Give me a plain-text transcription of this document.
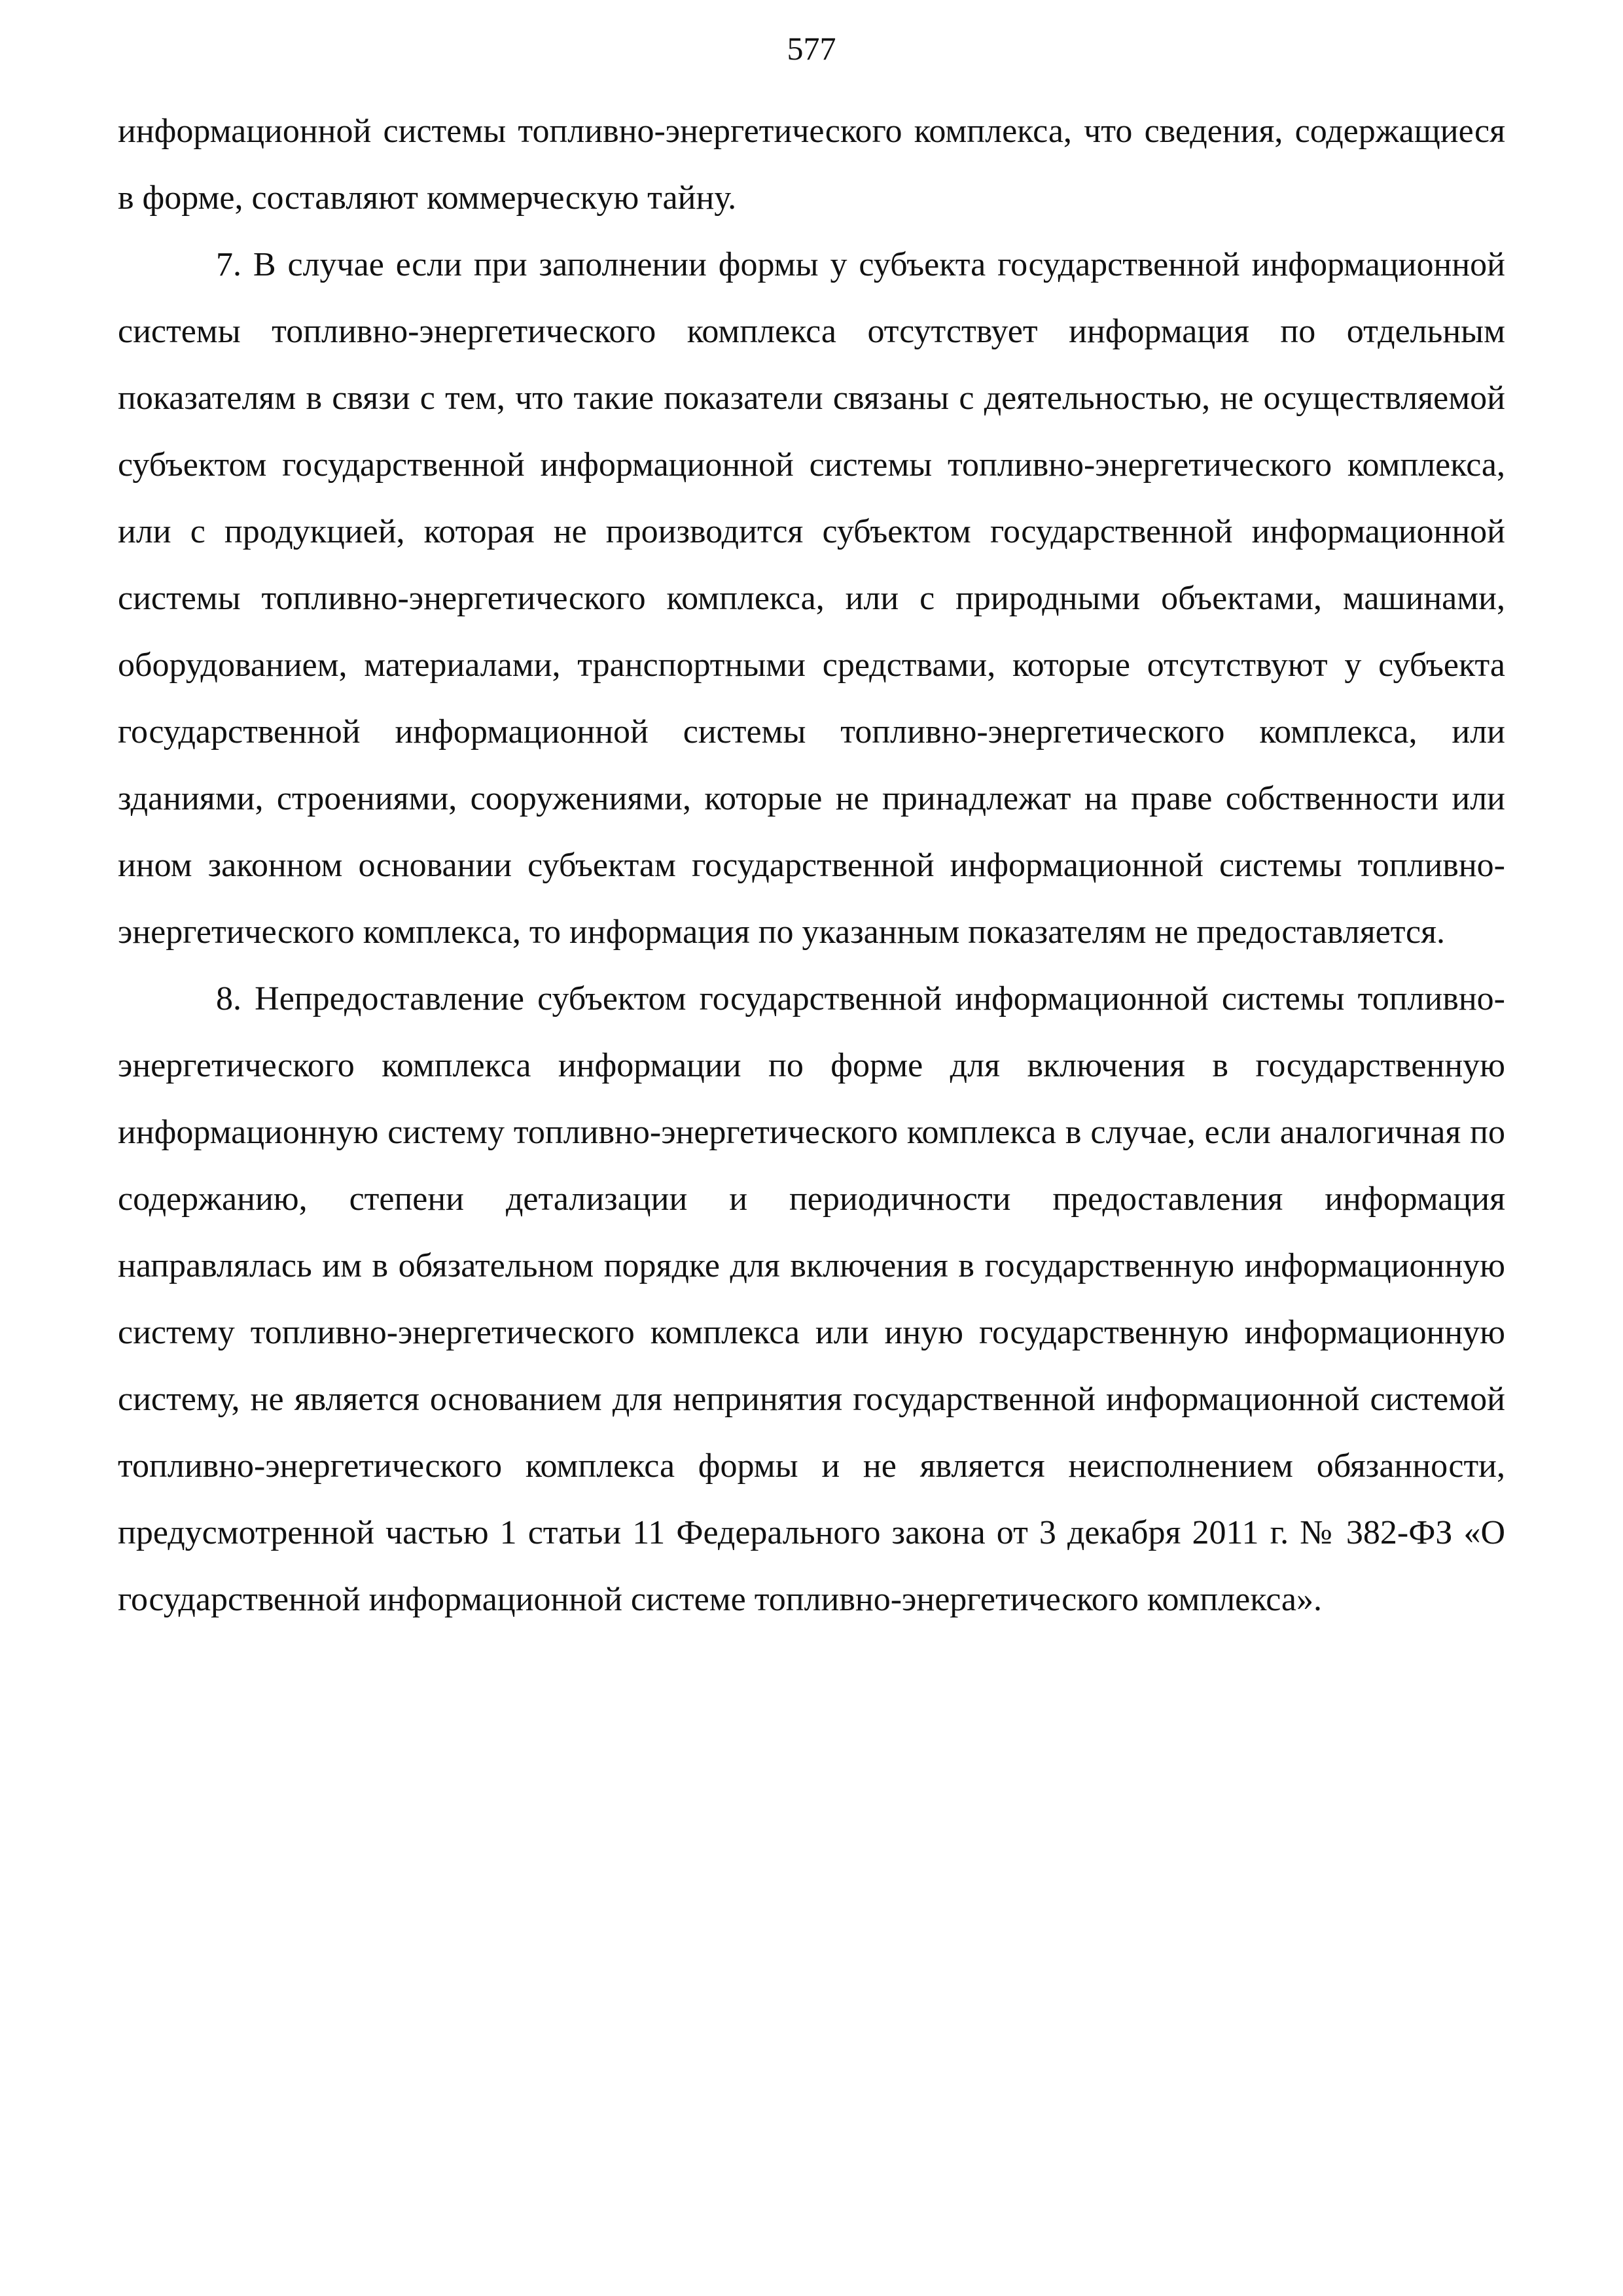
577

информационной системы топливно-энергетического комплекса, что сведения, содержащиеся в форме, составляют коммерческую тайну.

7. В случае если при заполнении формы у субъекта государственной информационной системы топливно-энергетического комплекса отсутствует информация по отдельным показателям в связи с тем, что такие показатели связаны с деятельностью, не осуществляемой субъектом государственной информационной системы топливно-энергетического комплекса, или с продукцией, которая не производится субъектом государственной информационной системы топливно-энергетического комплекса, или с природными объектами, машинами, оборудованием, материалами, транспортными средствами, которые отсутствуют у субъекта государственной информационной системы топливно-энергетического комплекса, или зданиями, строениями, сооружениями, которые не принадлежат на праве собственности или ином законном основании субъектам государственной информационной системы топливно-энергетического комплекса, то информация по указанным показателям не предоставляется.

8. Непредоставление субъектом государственной информационной системы топливно-энергетического комплекса информации по форме для включения в государственную информационную систему топливно-энергетического комплекса в случае, если аналогичная по содержанию, степени детализации и периодичности предоставления информация направлялась им в обязательном порядке для включения в государственную информационную систему топливно-энергетического комплекса или иную государственную информационную систему, не является основанием для непринятия государственной информационной системой топливно-энергетического комплекса формы и не является неисполнением обязанности, предусмотренной частью 1 статьи 11 Федерального закона от 3 декабря 2011 г. № 382-ФЗ «О государственной информационной системе топливно-энергетического комплекса».
